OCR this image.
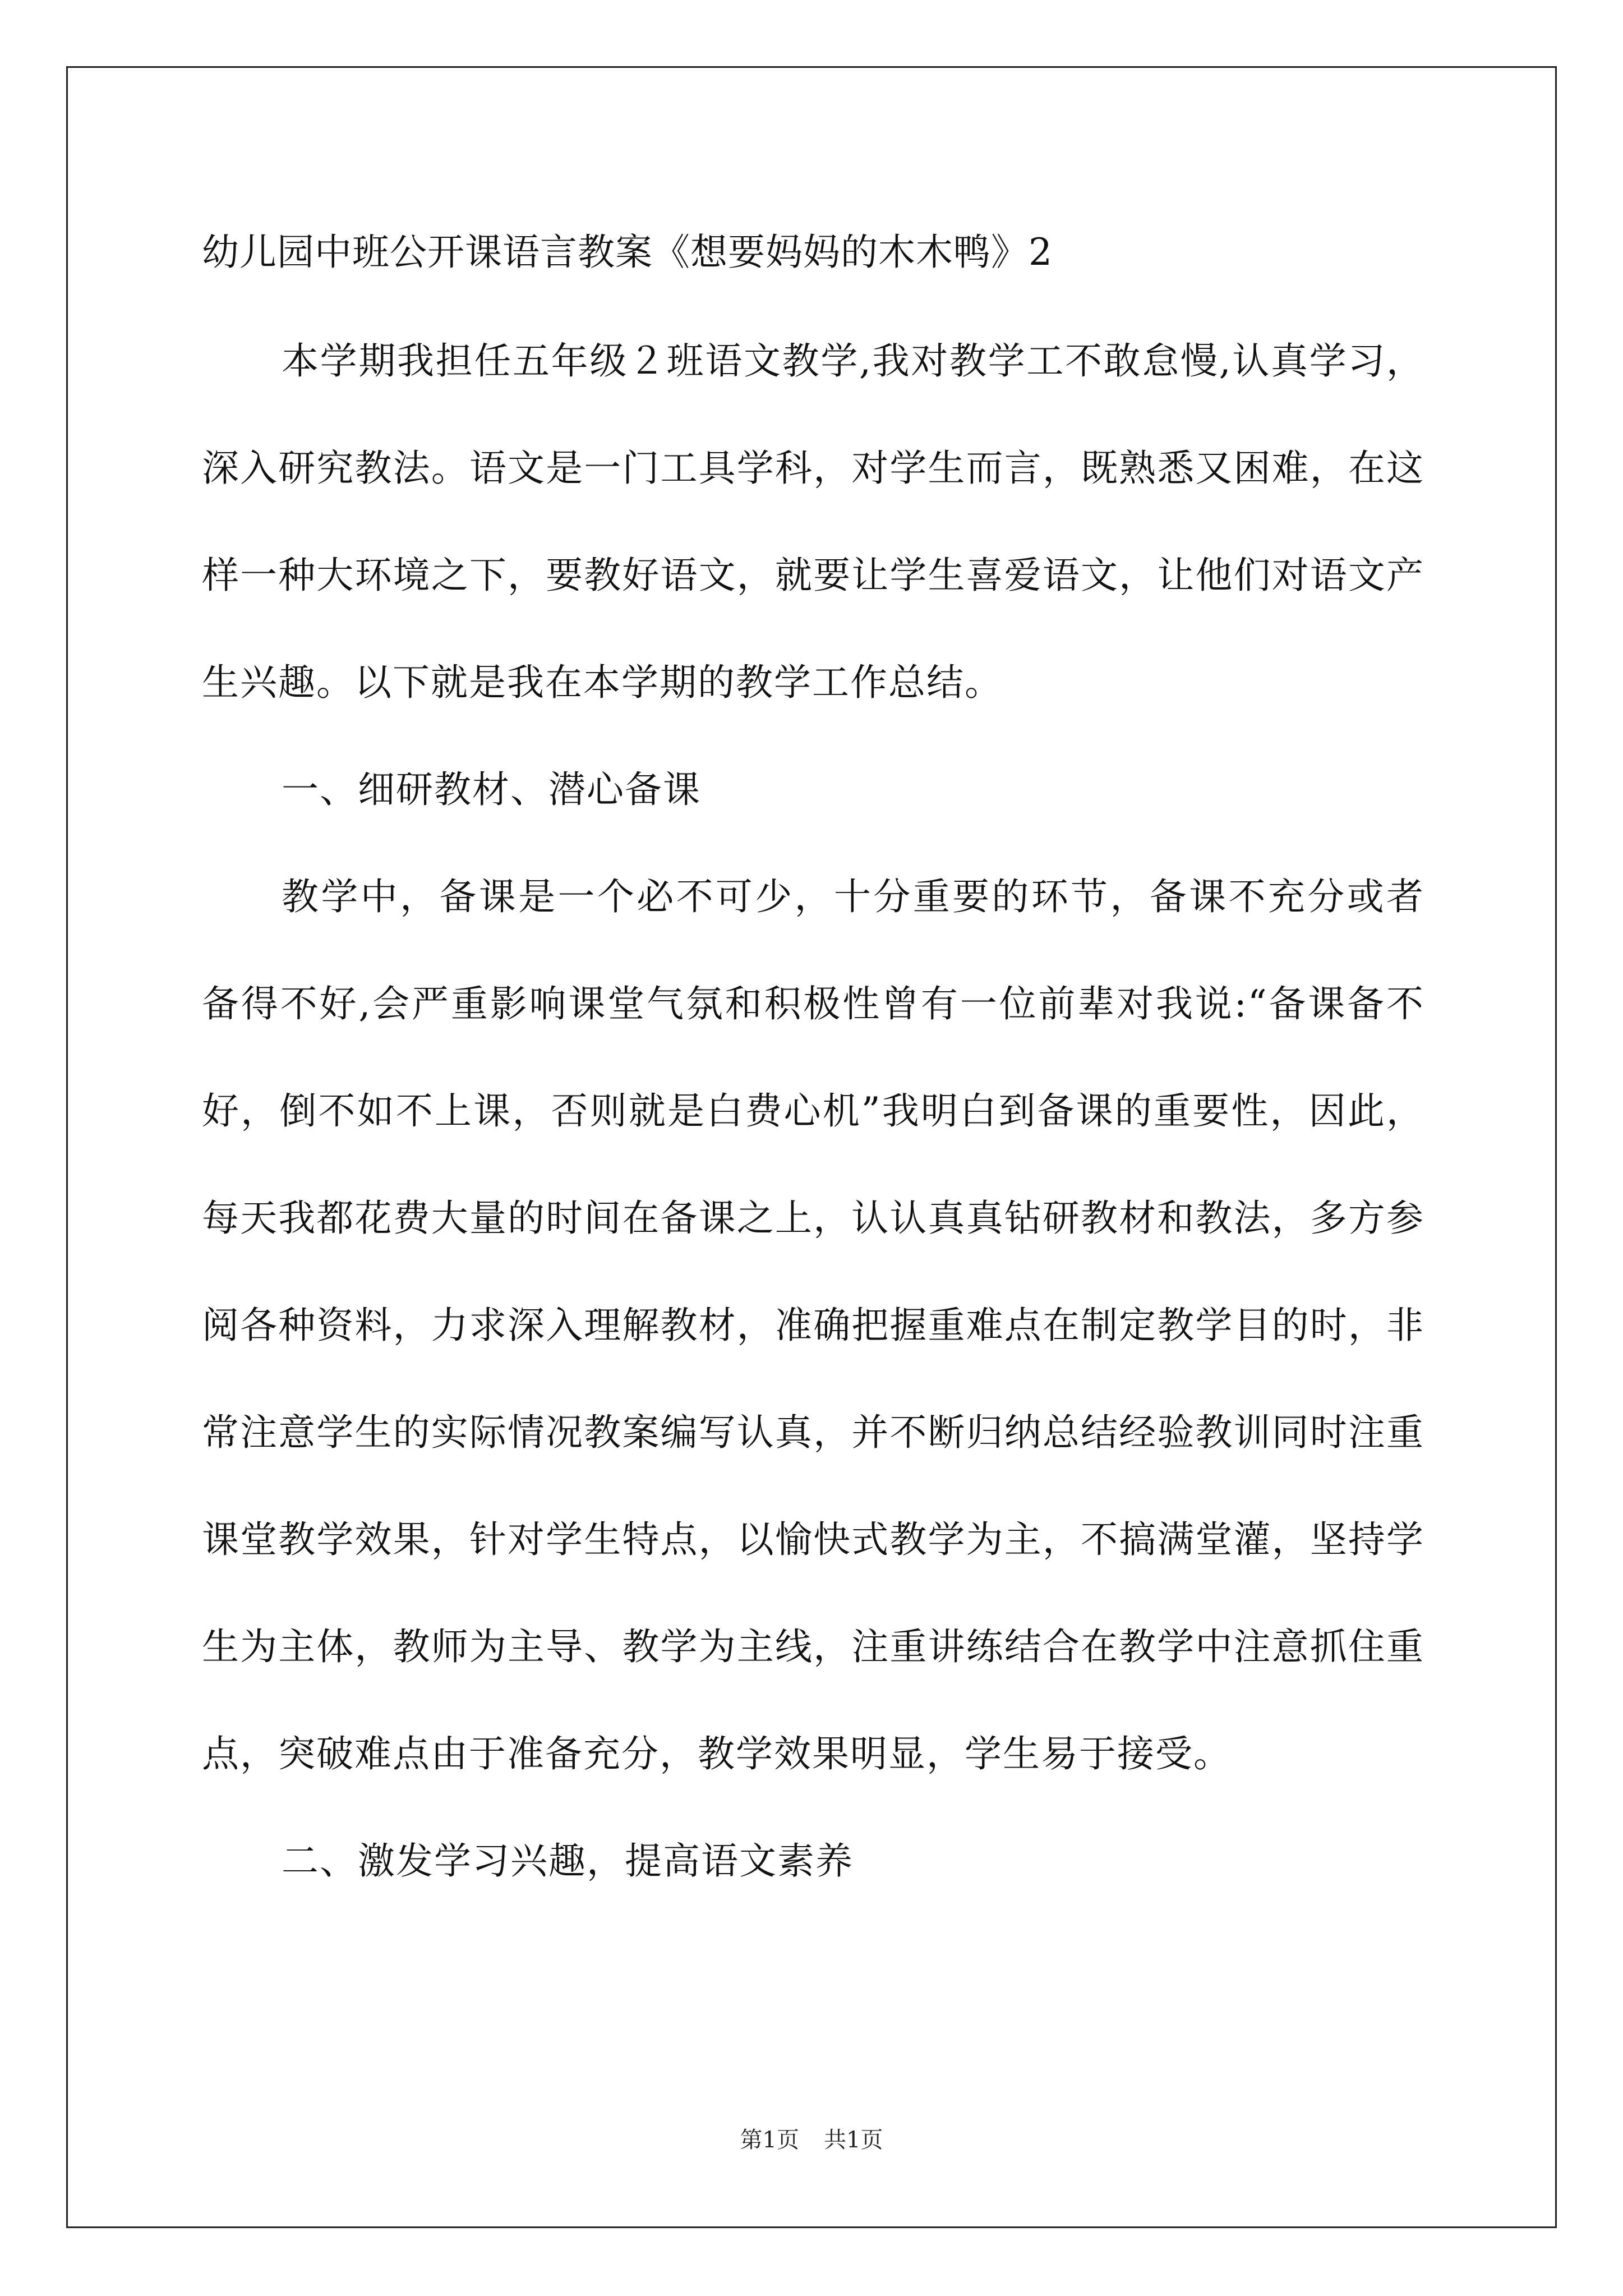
幼儿园中班公开课语言教案《想要妈妈的木木鸭》2

本学期我担任五年级２班语文教学,我对教学工不敢怠慢,认真学习，深入研究教法。语文是一门工具学科，对学生而言，既熟悉又困难，在这样一种大环境之下，要教好语文，就要让学生喜爱语文，让他们对语文产生兴趣。以下就是我在本学期的教学工作总结。

一、细研教材、潜心备课

教学中，备课是一个必不可少，十分重要的环节，备课不充分或者备得不好,会严重影响课堂气氛和积极性曾有一位前辈对我说:“备课备不好，倒不如不上课，否则就是白费心机”我明白到备课的重要性，因此，每天我都花费大量的时间在备课之上，认认真真钻研教材和教法，多方参阅各种资料，力求深入理解教材，准确把握重难点在制定教学目的时，非常注意学生的实际情况教案编写认真，并不断归纳总结经验教训同时注重课堂教学效果，针对学生特点，以愉快式教学为主，不搞满堂灌，坚持学生为主体，教师为主导、教学为主线，注重讲练结合在教学中注意抓住重点，突破难点由于准备充分，教学效果明显，学生易于接受。

二、激发学习兴趣，提高语文素养

第1页 共1页
